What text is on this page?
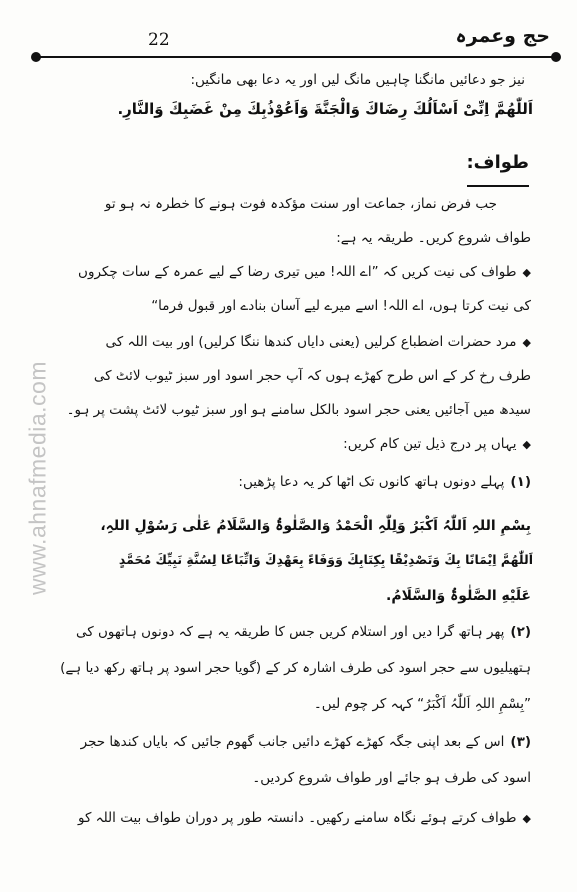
22	حج وعمرہ
www.ahnafmedia.com
نیز جو دعائیں مانگنا چاہیں مانگ لیں اور یہ دعا بھی مانگیں:
اَللّٰھُمَّ اِنِّیْ اَسْاَلُكَ رِضَاكَ وَالْجَنَّةَ وَاَعُوْذُبِكَ مِنْ غَضَبِكَ وَالنَّارِ.
طواف:
جب فرض نماز، جماعت اور سنت مؤکدہ فوت ہونے کا خطرہ نہ ہو تو
طواف شروع کریں۔ طریقہ یہ ہے:
◆طواف کی نیت کریں کہ ”اے اللہ! میں تیری رضا کے لیے عمرہ کے سات چکروں
کی نیت کرتا ہوں، اے اللہ! اسے میرے لیے آسان بنادے اور قبول فرما“
◆مرد حضرات اضطباع کرلیں (یعنی دایاں کندھا ننگا کرلیں) اور بیت اللہ کی
طرف رخ کر کے اس طرح کھڑے ہوں کہ آپ حجر اسود اور سبز ٹیوب لائٹ کی
سیدھ میں آجائیں یعنی حجر اسود بالکل سامنے ہو اور سبز ٹیوب لائٹ پشت پر ہو۔
◆یہاں پر درج ذیل تین کام کریں:
(۱)پہلے دونوں ہاتھ کانوں تک اٹھا کر یہ دعا پڑھیں:
بِسْمِ اللہِ اَللّٰہُ اَکْبَرُ وَلِلّٰہِ الْحَمْدُ وَالصَّلٰوۃُ وَالسَّلَامُ عَلٰی رَسُوْلِ اللہِ،
اَللّٰھُمَّ اِیْمَانًا بِكَ وَتَصْدِیْقًا بِکِتَابِكَ وَوَفَاءً بِعَھْدِكَ وَاتِّبَاعًا لِسُنَّةِ نَبِیِّكَ مُحَمَّدٍ
عَلَیْهِ الصَّلٰوۃُ وَالسَّلَامُ.
(۲)پھر ہاتھ گرا دیں اور استلام کریں جس کا طریقہ یہ ہے کہ دونوں ہاتھوں کی
ہتھیلیوں سے حجر اسود کی طرف اشارہ کر کے (گویا حجر اسود پر ہاتھ رکھ دیا ہے)
”بِسْمِ اللہِ اَللّٰہُ اَکْبَرُ“ کہہ کر چوم لیں۔
(۳)اس کے بعد اپنی جگہ کھڑے کھڑے دائیں جانب گھوم جائیں کہ بایاں کندھا حجر
اسود کی طرف ہو جائے اور طواف شروع کردیں۔
◆طواف کرتے ہوئے نگاہ سامنے رکھیں۔ دانستہ طور پر دوران طواف بیت اللہ کو
